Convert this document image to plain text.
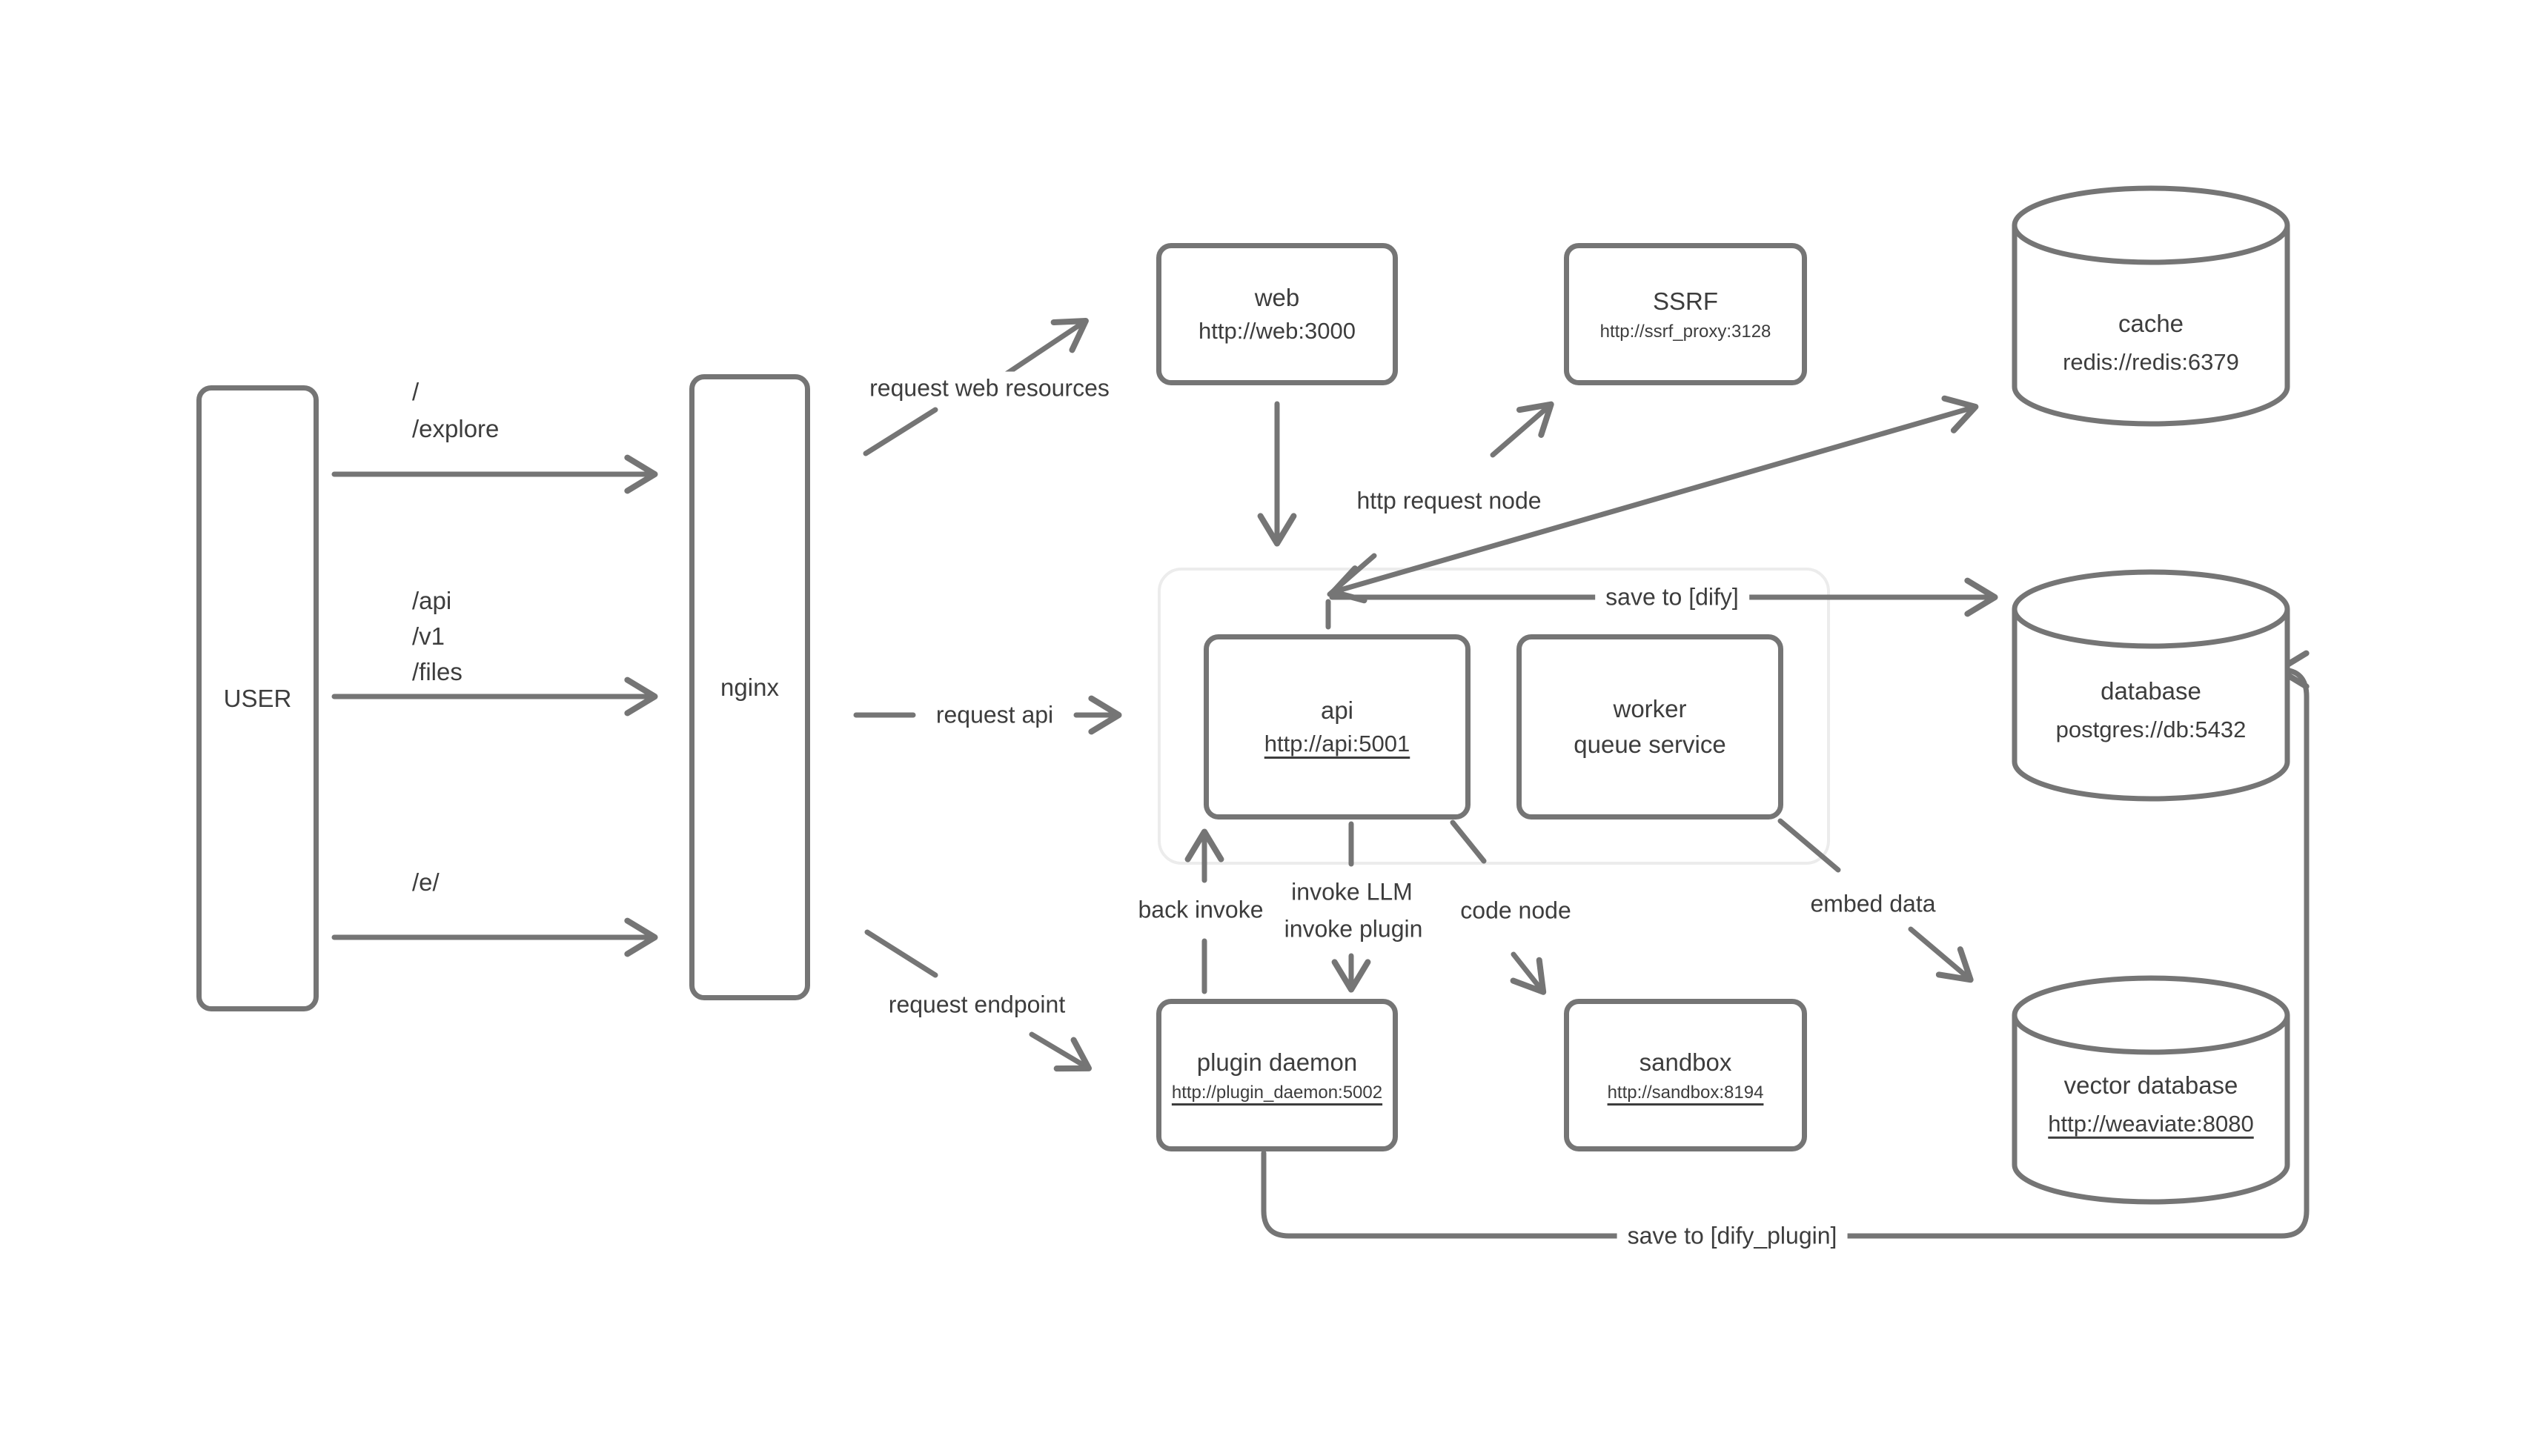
USER	nginx
web
http://web:3000
SSRF
http://ssrf_proxy:3128
api
http://api:5001
worker
queue service
plugin daemon
http://plugin_daemon:5002
sandbox
http://sandbox:8194
cache
redis://redis:6379
database
postgres://db:5432
vector database
http://weaviate:8080
/
/explore
/api
/v1
/files
/e/
request web resources
http request node
save to [dify]
request api
request endpoint
back invoke
invoke LLM
invoke plugin
code node	embed data
save to [dify_plugin]
